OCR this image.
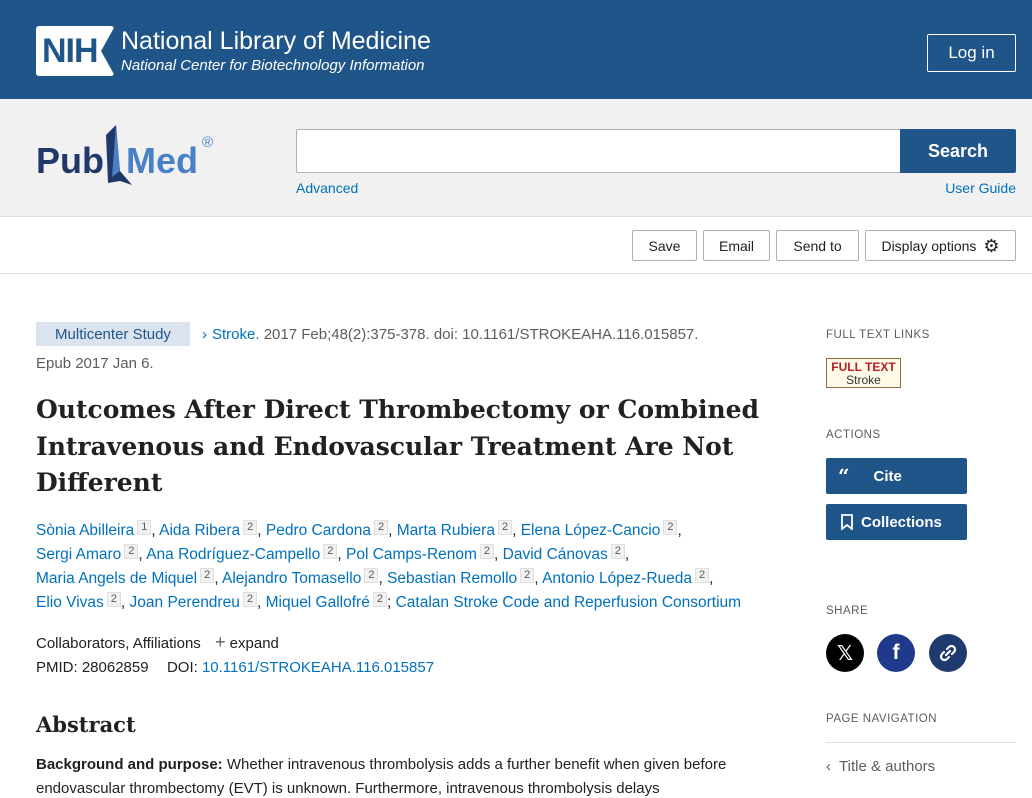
NIH National Library of Medicine
National Center for Biotechnology Information
Log in
Pub Med ®	Search
Advanced	User Guide
Save	Email	Send to	Display options ⚙
Multicenter Study	› Stroke. 2017 Feb;48(2):375-378. doi: 10.1161/STROKEAHA.116.015857.
Epub 2017 Jan 6.
Outcomes After Direct Thrombectomy or Combined Intravenous and Endovascular Treatment Are Not Different
Sònia Abilleira 1 , Aida Ribera 2 , Pedro Cardona 2 , Marta Rubiera 2 , Elena López-Cancio 2 ,
Sergi Amaro 2 , Ana Rodríguez-Campello 2 , Pol Camps-Renom 2 , David Cánovas 2 ,
Maria Angels de Miquel 2 , Alejandro Tomasello 2 , Sebastian Remollo 2 , Antonio López-Rueda 2 ,
Elio Vivas 2 , Joan Perendreu 2 , Miquel Gallofré 2 ; Catalan Stroke Code and Reperfusion Consortium
Collaborators, Affiliations + expand
PMID: 28062859 DOI: 10.1161/STROKEAHA.116.015857
Abstract

Background and purpose: Whether intravenous thrombolysis adds a further benefit when given before endovascular thrombectomy (EVT) is unknown. Furthermore, intravenous thrombolysis delays

FULL TEXT LINKS
FULL TEXT
Stroke
ACTIONS
“ Cite
Collections
SHARE
𝕏 f
PAGE NAVIGATION
‹ Title & authors
